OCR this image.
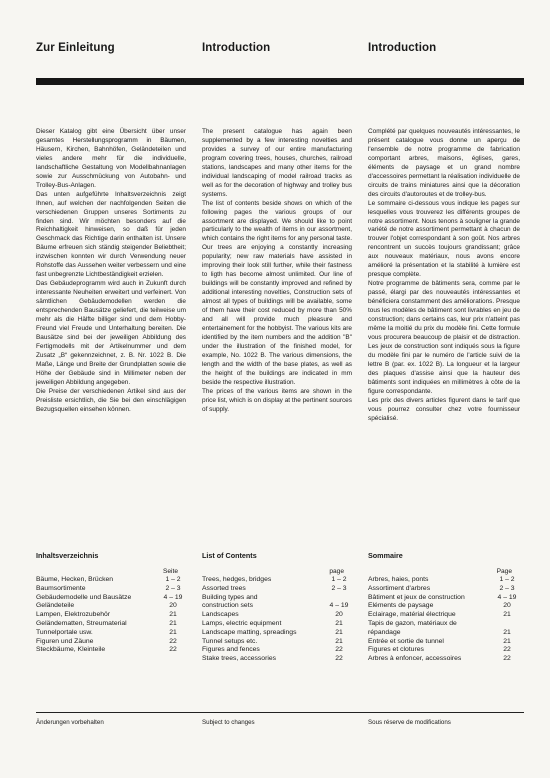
Zur Einleitung	Introduction	Introduction

Dieser Katalog gibt eine Übersicht über unser gesamtes Herstellungsprogramm in Bäumen, Häusern, Kirchen, Bahnhöfen, Geländeteilen und vieles andere mehr für die individuelle, landschaftliche Gestaltung von Modellbahnanlagen sowie zur Ausschmückung von Autobahn- und Trolley-Bus-Anlagen.

Das unten aufgeführte Inhaltsverzeichnis zeigt Ihnen, auf welchen der nachfolgenden Seiten die verschiedenen Gruppen unseres Sortiments zu finden sind. Wir möchten besonders auf die Reichhaltigkeit hinweisen, so daß für jeden Geschmack das Richtige darin enthalten ist. Unsere Bäume erfreuen sich ständig steigender Beliebtheit; inzwischen konnten wir durch Verwendung neuer Rohstoffe das Aussehen weiter verbessern und eine fast unbegrenzte Lichtbeständigkeit erzielen.

Das Gebäudeprogramm wird auch in Zukunft durch interessante Neuheiten erweitert und verfeinert. Von sämtlichen Gebäudemodellen werden die entsprechenden Bausätze geliefert, die teilweise um mehr als die Hälfte billiger sind und dem Hobby-Freund viel Freude und Unterhaltung bereiten. Die Bausätze sind bei der jeweiligen Abbildung des Fertigmodells mit der Artikelnummer und dem Zusatz „B“ gekennzeichnet, z. B. Nr. 1022 B. Die Maße, Länge und Breite der Grundplatten sowie die Höhe der Gebäude sind in Millimeter neben der jeweiligen Abbildung angegeben.

Die Preise der verschiedenen Artikel sind aus der Preisliste ersichtlich, die Sie bei den einschlägigen Bezugsquellen einsehen können.

The present catalogue has again been supplemented by a few interesting novelties and provides a survey of our entire manufacturing program covering trees, houses, churches, railroad stations, landscapes and many other items for the individual landscaping of model railroad tracks as well as for the decoration of highway and trolley bus systems.

The list of contents beside shows on which of the following pages the various groups of our assortment are displayed. We should like to point particularly to the wealth of items in our assortment, which contains the right items for any personal taste. Our trees are enjoying a constantly increasing popularity; new raw materials have assisted in improving their look still further, while their fastness to ligth has become almost unlimited. Our line of buildings will be constantly improved and refined by additional interesting novelties, Construction sets of almost all types of buildings will be available, some of them have their cost reduced by more than 50% and all will provide much pleasure and entertainement for the hobbyist. The various kits are identified by the item numbers and the addition "B" under the illustration of the finished model, for example, No. 1022 B. The various dimensions, the length and the width of the base plates, as well as the height of the buildings are indicated in mm beside the respective illustration.

The prices of the various items are shown in the price list, which is on display at the pertinent sources of supply.

Complété par quelques nouveautés intéressantes, le présent catalogue vous donne un aperçu de l'ensemble de notre programme de fabrication comportant arbres, maisons, églises, gares, éléments de paysage et un grand nombre d'accessoires permettant la réalisation individuelle de circuits de trains miniatures ainsi que la décoration des circuits d'autoroutes et de trolley-bus.

Le sommaire ci-dessous vous indique les pages sur lesquelles vous trouverez les différents groupes de notre assortiment. Nous tenons à souligner la grande variété de notre assortiment permettant à chacun de trouver l'objet correspondant à son goût. Nos arbres rencontrent un succès toujours grandissant; grâce aux nouveaux matériaux, nous avons encore amélioré la présentation et la stabilité à lumière est presque complète.

Notre programme de bâtiments sera, comme par le passé, élargi par des nouveautés intéressantes et bénéficiera constamment des améliorations. Presque tous les modèles de bâtiment sont livrables en jeu de construction; dans certains cas, leur prix n'atteint pas même la moitié du prix du modèle fini. Cette formule vous procurera beaucoup de plaisir et de distraction. Les jeux de construction sont indiqués sous la figure du modèle fini par le numéro de l'article suivi de la lettre B (par. ex. 1022 B). La longueur et la largeur des plaques d'assise ainsi que la hauteur des bâtiments sont indiquées en millimètres à côte de la figure correspondante.

Les prix des divers articles figurent dans le tarif que vous pourrez consulter chez votre fournisseur spécialisé.

Inhaltsverzeichnis
Seite
Bäume, Hecken, Brücken	1 – 2
Baumsortimente	2 – 3
Gebäudemodelle und Bausätze	4 – 19
Geländeteile	20
Lampen, Elektrozubehör	21
Geländematten, Streumaterial	21
Tunnelportale usw.	21
Figuren und Zäune	22
Steckbäume, Kleinteile	22
List of Contents
page
Trees, hedges, bridges	1 – 2
Assorted trees	2 – 3
Building types and
construction sets	4 – 19
Landscapes	20
Lamps, electric equipment	21
Landscape matting, spreadings	21
Tunnel setups etc.	21
Figures and fences	22
Stake trees, accessories	22
Sommaire
Page
Arbres, haies, ponts	1 – 2
Assortiment d'arbres	2 – 3
Bâtiment et jeux de construction	4 – 19
Eléments de paysage	20
Eclairage, matérial électrique	21
Tapis de gazon, matériaux de
répandage	21
Entrée et sortie de tunnel	21
Figures et clotures	22
Arbres à enfoncer, accessoires	22
Änderungen vorbehalten	Subject to changes	Sous réserve de modifications
